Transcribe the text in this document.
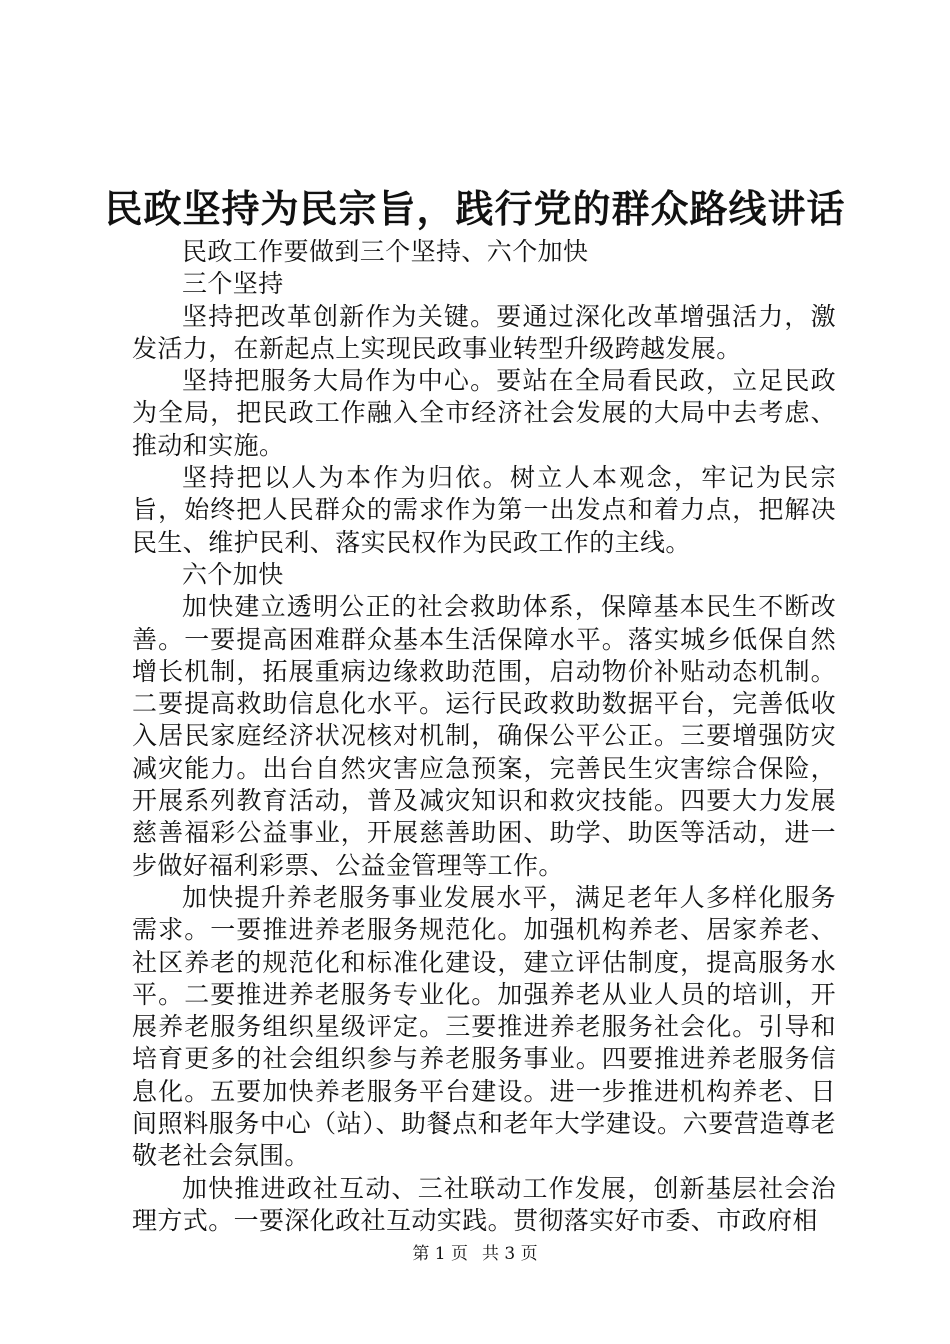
民政坚持为民宗旨，践行党的群众路线讲话

民政工作要做到三个坚持、六个加快

三个坚持

坚持把改革创新作为关键。要通过深化改革增强活力，激发活力，在新起点上实现民政事业转型升级跨越发展。

坚持把服务大局作为中心。要站在全局看民政，立足民政为全局，把民政工作融入全市经济社会发展的大局中去考虑、推动和实施。

坚持把以人为本作为归依。树立人本观念，牢记为民宗旨，始终把人民群众的需求作为第一出发点和着力点，把解决民生、维护民利、落实民权作为民政工作的主线。

六个加快

加快建立透明公正的社会救助体系，保障基本民生不断改善。一要提高困难群众基本生活保障水平。落实城乡低保自然增长机制，拓展重病边缘救助范围，启动物价补贴动态机制。二要提高救助信息化水平。运行民政救助数据平台，完善低收入居民家庭经济状况核对机制，确保公平公正。三要增强防灾减灾能力。出台自然灾害应急预案，完善民生灾害综合保险，开展系列教育活动，普及减灾知识和救灾技能。四要大力发展慈善福彩公益事业，开展慈善助困、助学、助医等活动，进一步做好福利彩票、公益金管理等工作。

加快提升养老服务事业发展水平，满足老年人多样化服务需求。一要推进养老服务规范化。加强机构养老、居家养老、社区养老的规范化和标准化建设，建立评估制度，提高服务水平。二要推进养老服务专业化。加强养老从业人员的培训，开展养老服务组织星级评定。三要推进养老服务社会化。引导和培育更多的社会组织参与养老服务事业。四要推进养老服务信息化。五要加快养老服务平台建设。进一步推进机构养老、日间照料服务中心（站）、助餐点和老年大学建设。六要营造尊老敬老社会氛围。

加快推进政社互动、三社联动工作发展，创新基层社会治理方式。一要深化政社互动实践。贯彻落实好市委、市政府相

第 1 页 共 3 页
